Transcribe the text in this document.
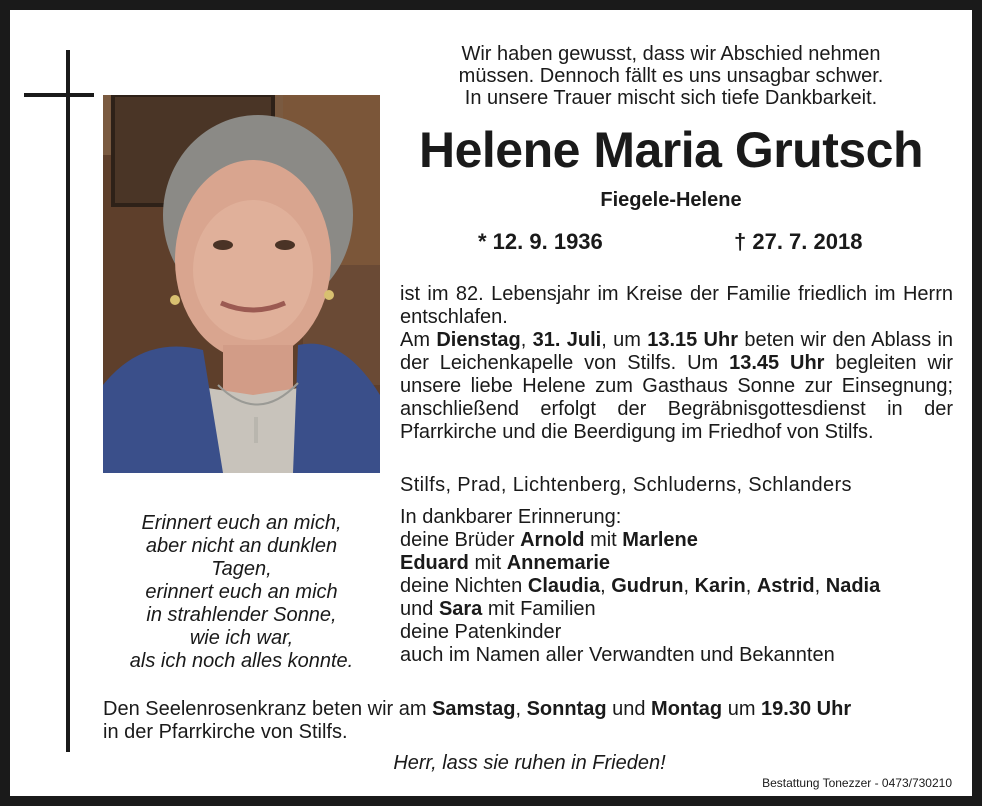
Wir haben gewusst, dass wir Abschied nehmen
müssen. Dennoch fällt es uns unsagbar schwer.
In unsere Trauer mischt sich tiefe Dankbarkeit.
Helene Maria Grutsch
Fiegele-Helene
* 12. 9. 1936	† 27. 7. 2018
ist im 82. Lebensjahr im Kreise der Familie friedlich im Herrn entschlafen.
Am Dienstag, 31. Juli, um 13.15 Uhr beten wir den Ablass in der Leichenkapelle von Stilfs. Um 13.45 Uhr begleiten wir unsere liebe Helene zum Gasthaus Sonne zur Einsegnung; anschließend erfolgt der Begräbnisgottesdienst in der Pfarrkirche und die Beerdigung im Friedhof von Stilfs.
Stilfs, Prad, Lichtenberg, Schluderns, Schlanders
In dankbarer Erinnerung:
deine Brüder Arnold mit Marlene
Eduard mit Annemarie
deine Nichten Claudia, Gudrun, Karin, Astrid, Nadia
und Sara mit Familien
deine Patenkinder
auch im Namen aller Verwandten und Bekannten
Erinnert euch an mich,
aber nicht an dunklen
Tagen,
erinnert euch an mich
in strahlender Sonne,
wie ich war,
als ich noch alles konnte.
Den Seelenrosenkranz beten wir am Samstag, Sonntag und Montag um 19.30 Uhr
in der Pfarrkirche von Stilfs.
Herr, lass sie ruhen in Frieden!
Bestattung Tonezzer - 0473/730210
